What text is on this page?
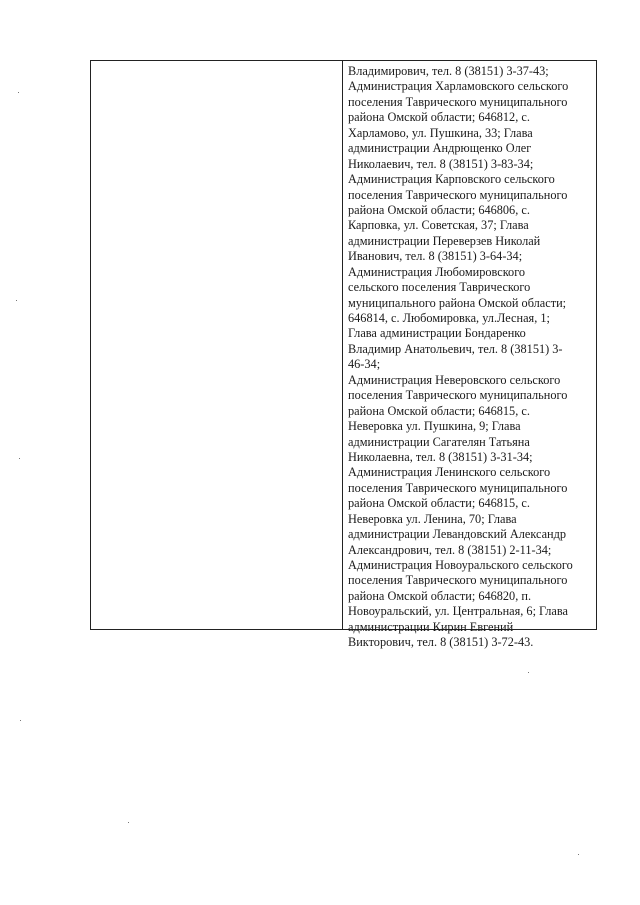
Владимирович, тел. 8 (38151) 3-37-43;
Администрация Харламовского сельского
поселения Таврического муниципального
района Омской области; 646812, с.
Харламово, ул. Пушкина, 33; Глава
администрации Андрющенко Олег
Николаевич, тел. 8 (38151) 3-83-34;
Администрация Карповского сельского
поселения Таврического муниципального
района Омской области; 646806, с.
Карповка, ул. Советская, 37; Глава
администрации Переверзев Николай
Иванович, тел. 8 (38151) 3-64-34;
Администрация Любомировского
сельского поселения Таврического
муниципального района Омской области;
646814, с. Любомировка, ул.Лесная, 1;
Глава администрации Бондаренко
Владимир Анатольевич, тел. 8 (38151) 3-
46-34;
Администрация Неверовского сельского
поселения Таврического муниципального
района Омской области; 646815, с.
Неверовка ул. Пушкина, 9; Глава
администрации Сагателян Татьяна
Николаевна, тел. 8 (38151) 3-31-34;
Администрация Ленинского сельского
поселения Таврического муниципального
района Омской области; 646815, с.
Неверовка ул. Ленина, 70; Глава
администрации Левандовский Александр
Александрович, тел. 8 (38151) 2-11-34;
Администрация Новоуральского сельского
поселения Таврического муниципального
района Омской области; 646820, п.
Новоуральский, ул. Центральная, 6; Глава
администрации Кирин Евгений
Викторович, тел. 8 (38151) 3-72-43.
